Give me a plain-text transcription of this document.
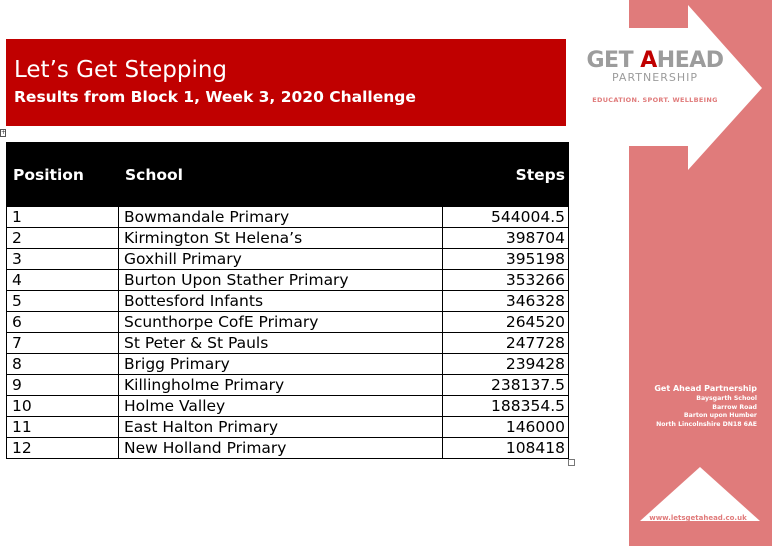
GET AHEAD
PARTNERSHIP
EDUCATION. SPORT. WELLBEING
Get Ahead Partnership
Baysgarth School
Barrow Road
Barton upon Humber
North Lincolnshire DN18 6AE
www.letsgetahead.co.uk
Let’s Get Stepping
Results from Block 1, Week 3, 2020 Challenge
+
Position	School	Steps
1	Bowmandale Primary	544004.5
2	Kirmington St Helena’s	398704
3	Goxhill Primary	395198
4	Burton Upon Stather Primary	353266
5	Bottesford Infants	346328
6	Scunthorpe CofE Primary	264520
7	St Peter & St Pauls	247728
8	Brigg Primary	239428
9	Killingholme Primary	238137.5
10	Holme Valley	188354.5
11	East Halton Primary	146000
12	New Holland Primary	108418
